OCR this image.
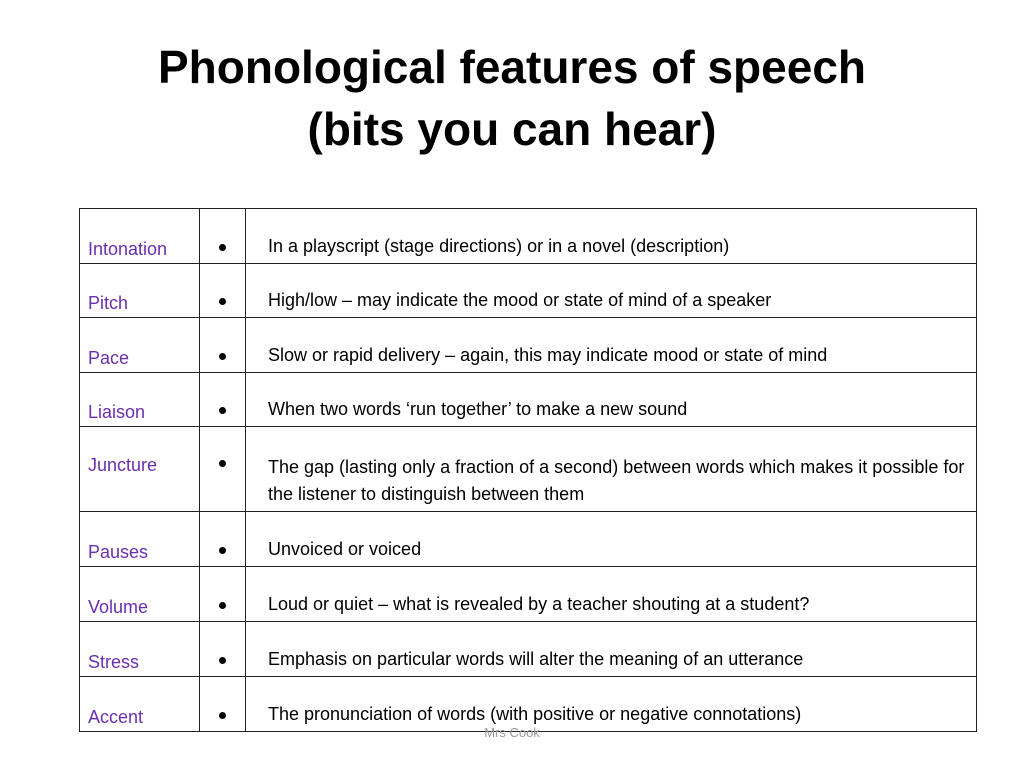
Phonological features of speech
(bits you can hear)
Intonation		In a playscript (stage directions) or in a novel (description)
Pitch		High/low – may indicate the mood or state of mind of a speaker
Pace		Slow or rapid delivery – again, this may indicate mood or state of mind
Liaison		When two words ‘run together’ to make a new sound
Juncture		The gap (lasting only a fraction of a second) between words which makes it possible for the listener to distinguish between them
Pauses		Unvoiced or voiced
Volume		Loud or quiet – what is revealed by a teacher shouting at a student?
Stress		Emphasis on particular words will alter the meaning of an utterance
Accent		The pronunciation of words (with positive or negative connotations)
Mrs Cook
